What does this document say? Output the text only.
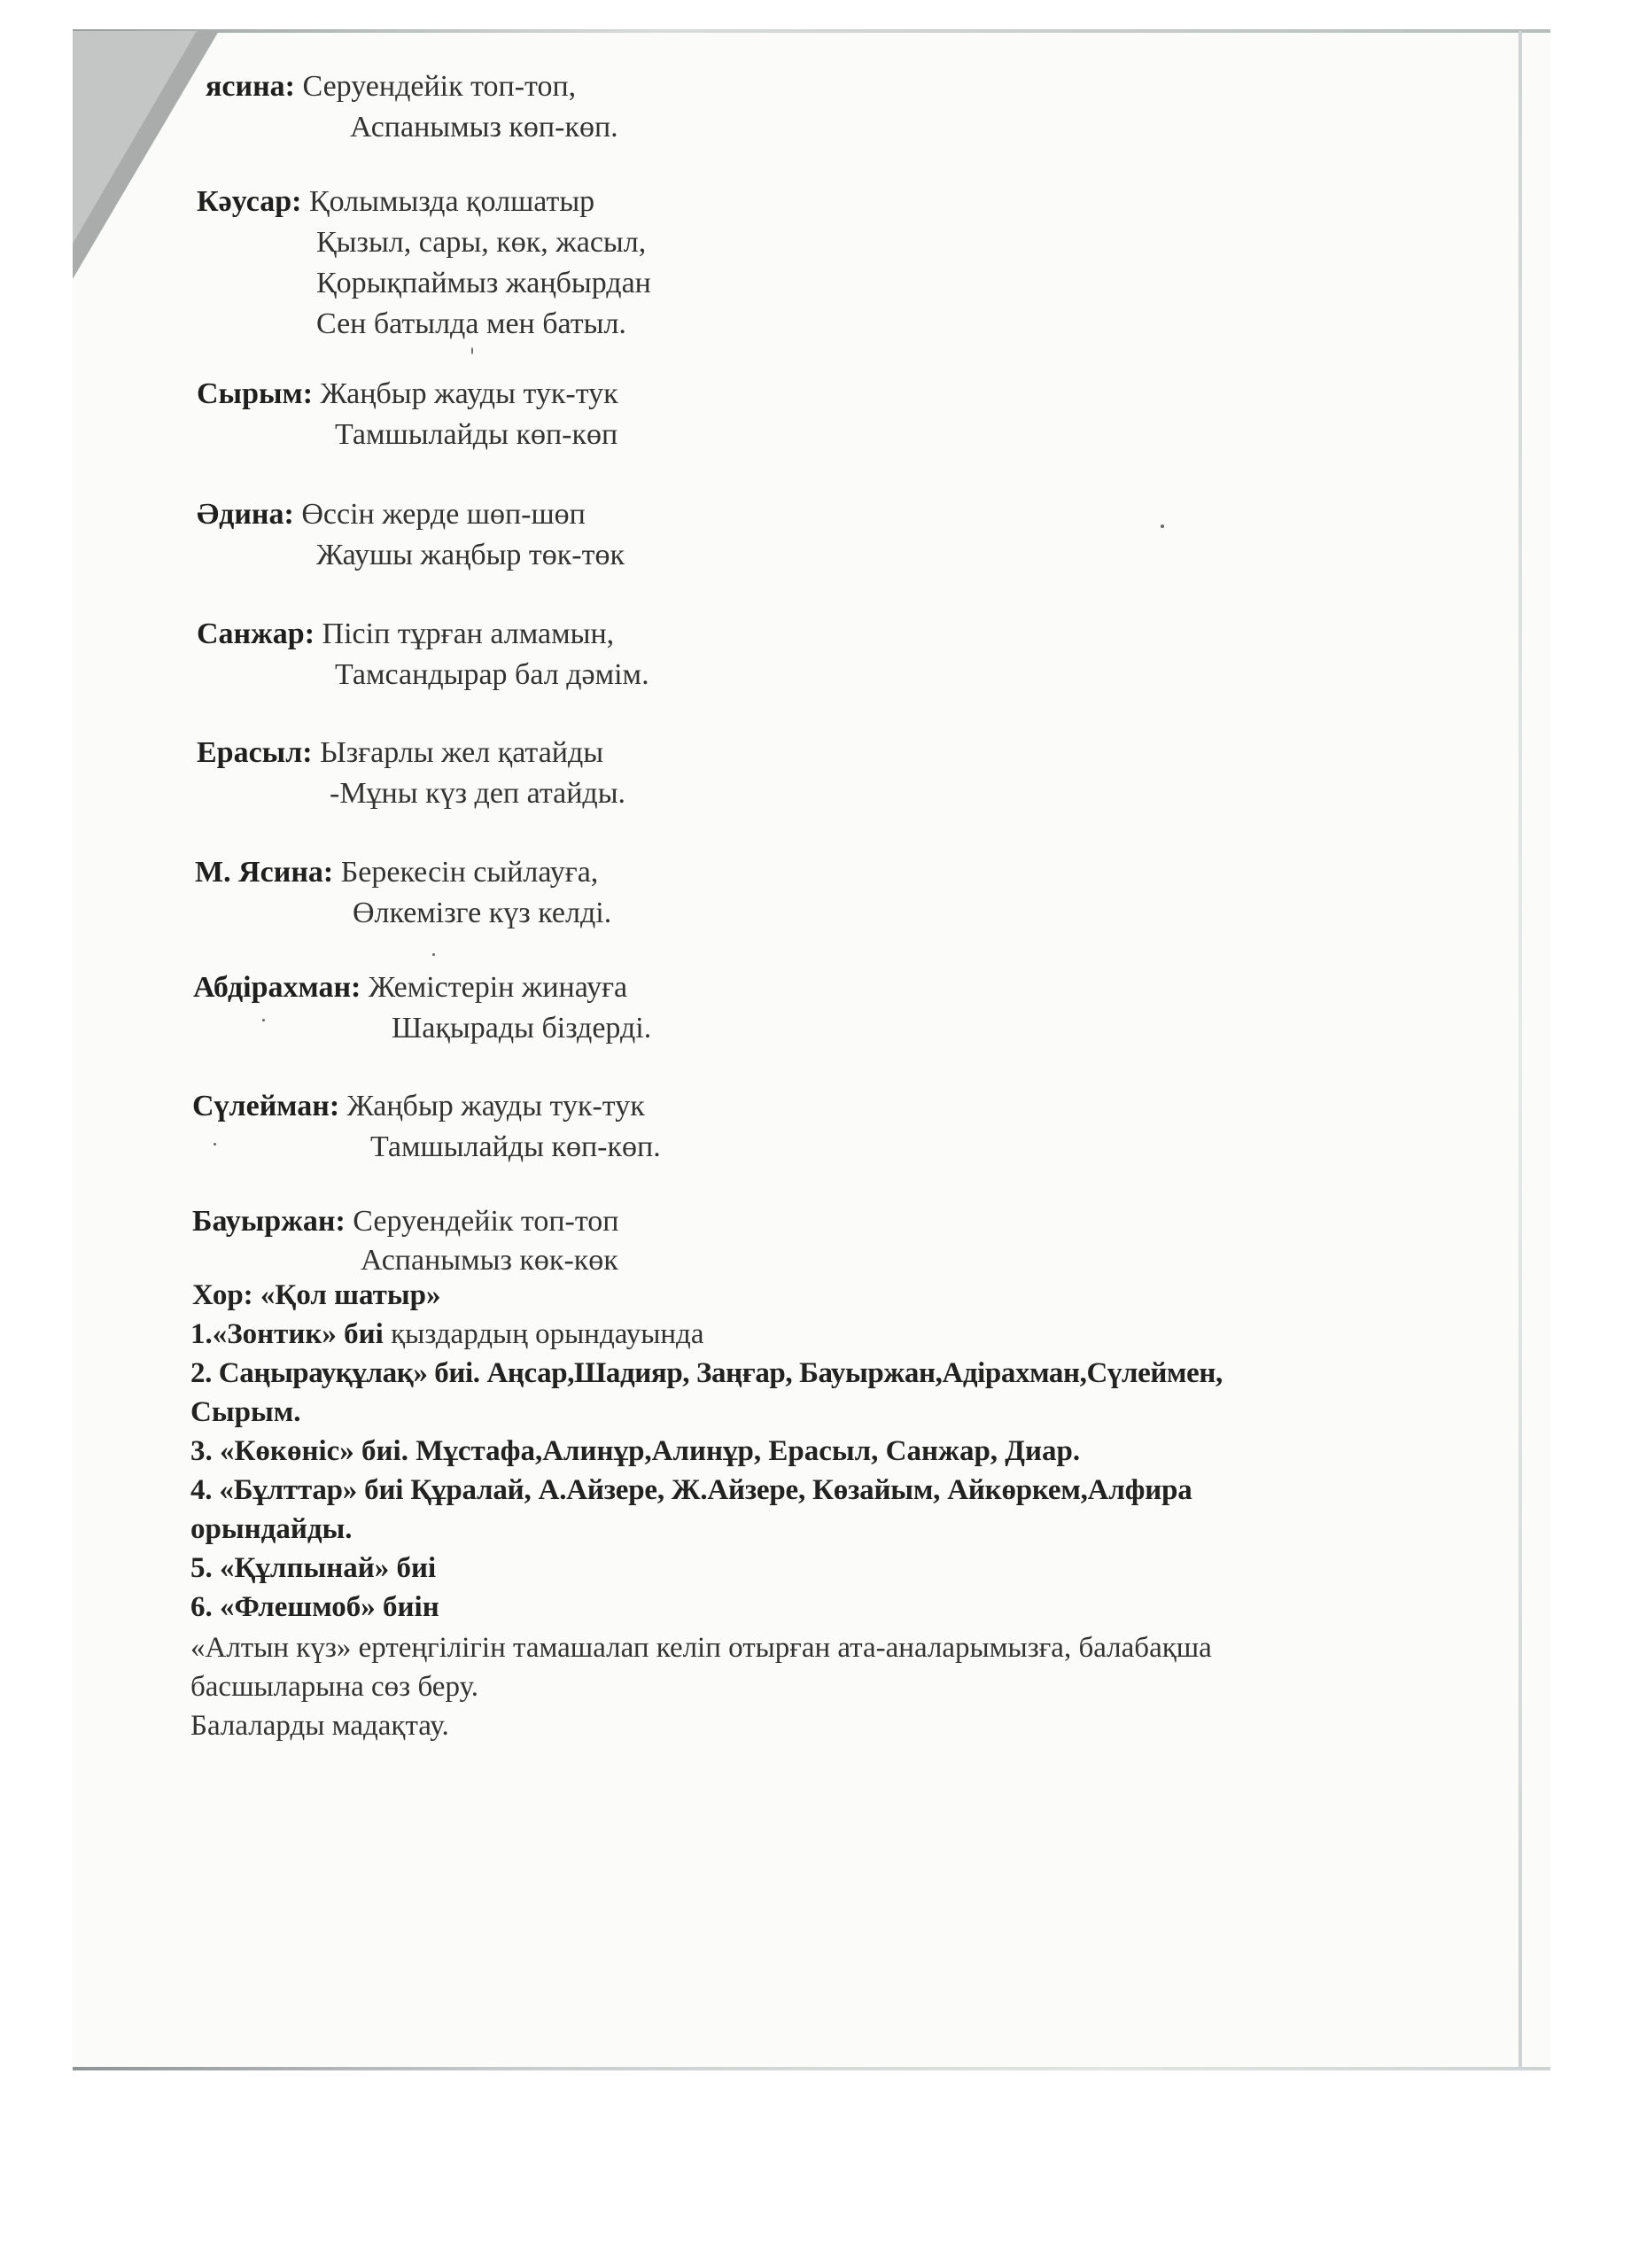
ясина: Серуендейік топ-топ,
Аспанымыз көп-көп.
Кәусар: Қолымызда қолшатыр
Қызыл, сары, көк, жасыл,
Қорықпаймыз жаңбырдан
Сен батылда мен батыл.
Сырым: Жаңбыр жауды тук-тук
Тамшылайды көп-көп
Әдина: Өссін жерде шөп-шөп
Жаушы жаңбыр төк-төк
Санжар: Пісіп тұрған алмамын,
Тамсандырар бал дәмім.
Ерасыл: Ызғарлы жел қатайды
-Мұны күз деп атайды.
М. Ясина: Берекесін сыйлауға,
Өлкемізге күз келді.
Абдірахман: Жемістерін жинауға
Шақырады біздерді.
Сүлейман: Жаңбыр жауды тук-тук
Тамшылайды көп-көп.
Бауыржан: Серуендейік топ-топ
Аспанымыз көк-көк
Хор: «Қол шатыр»
1.«Зонтик» биі қыздардың орындауында
2. Саңырауқұлақ» биі. Аңсар,Шадияр, Заңғар, Бауыржан,Адірахман,Сүлеймен,
Сырым.
3. «Көкөніс» биі. Мұстафа,Алинұр,Алинұр, Ерасыл, Санжар, Диар.
4. «Бұлттар» биі Құралай, А.Айзере, Ж.Айзере, Көзайым, Айкөркем,Алфира
орындайды.
5. «Құлпынай» биі
6. «Флешмоб» биін
«Алтын күз» ертеңгілігін тамашалап келіп отырған ата-аналарымызға, балабақша
басшыларына сөз беру.
Балаларды мадақтау.
